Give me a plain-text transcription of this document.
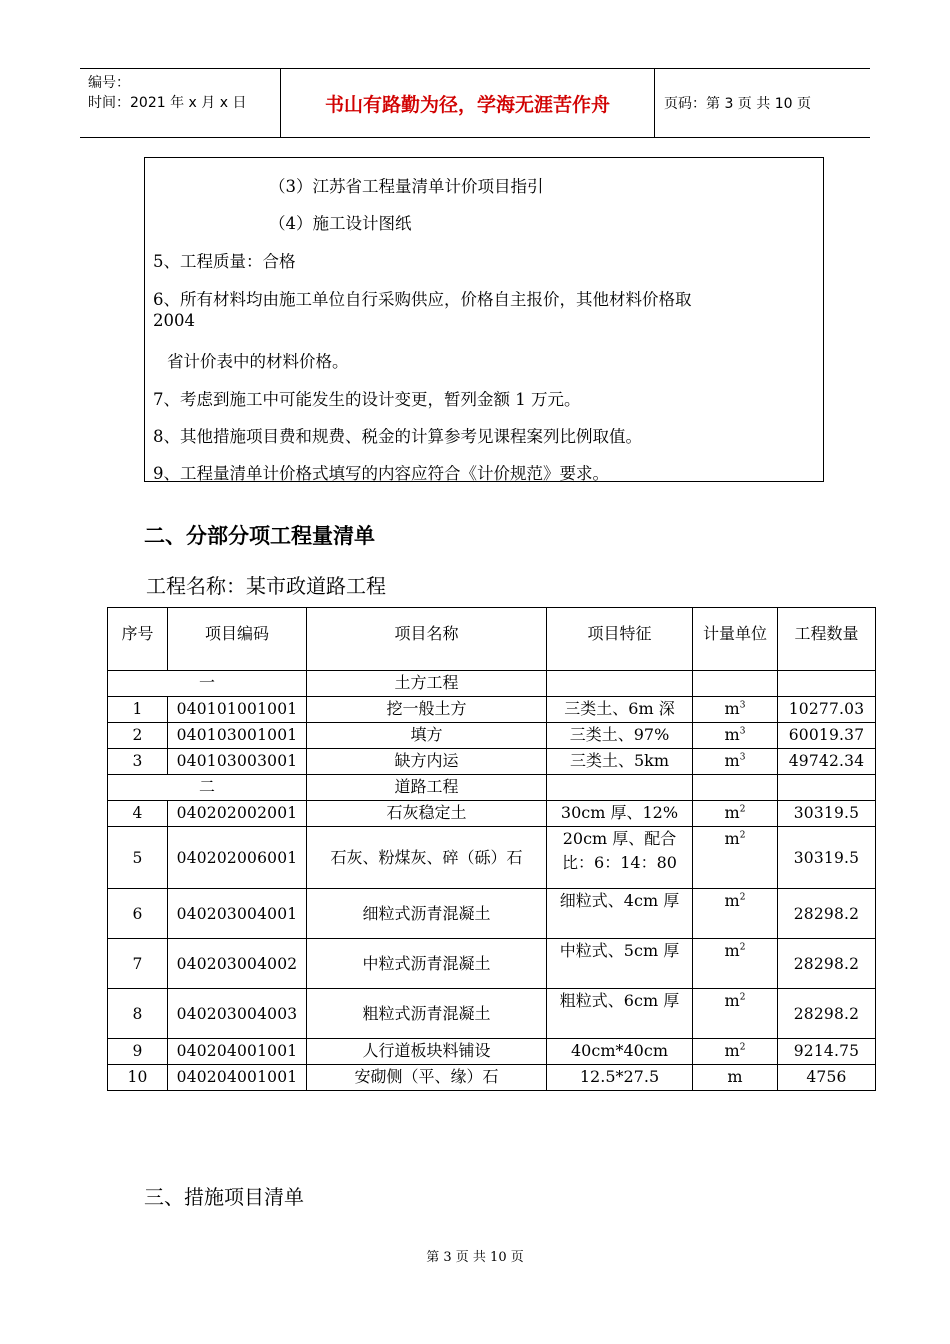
编号：
时间：2021 年 x 月 x 日	书山有路勤为径，学海无涯苦作舟	页码：第 3 页 共 10 页
（3）江苏省工程量清单计价项目指引
（4）施工设计图纸
5、工程质量：合格
6、所有材料均由施工单位自行采购供应，价格自主报价，其他材料价格取
2004
省计价表中的材料价格。
7、考虑到施工中可能发生的设计变更，暂列金额 1 万元。
8、其他措施项目费和规费、税金的计算参考见课程案列比例取值。
9、工程量清单计价格式填写的内容应符合《计价规范》要求。
二、分部分项工程量清单
工程名称：某市政道路工程
序号	项目编码	项目名称	项目特征	计量单位	工程数量
一		土方工程			
1	040101001001	挖一般土方	三类土、6m 深	$m^3$	10277.03
2	040103001001	填方	三类土、97%	$m^3$	60019.37
3	040103003001	缺方内运	三类土、5km	$m^3$	49742.34
二		道路工程			
4	040202002001	石灰稳定土	30cm 厚、12%	$m^2$	30319.5
5	040202006001	石灰、粉煤灰、碎（砾）石	20cm 厚、配合比：6：14：80	$m^2$	30319.5
6	040203004001	细粒式沥青混凝土	细粒式、4cm 厚	$m^2$	28298.2
7	040203004002	中粒式沥青混凝土	中粒式、5cm 厚	$m^2$	28298.2
8	040203004003	粗粒式沥青混凝土	粗粒式、6cm 厚	$m^2$	28298.2
9	040204001001	人行道板块料铺设	40cm*40cm	$m^2$	9214.75
10	040204001001	安砌侧（平、缘）石	12.5*27.5	m	4756
三、措施项目清单
第 3 页 共 10 页
